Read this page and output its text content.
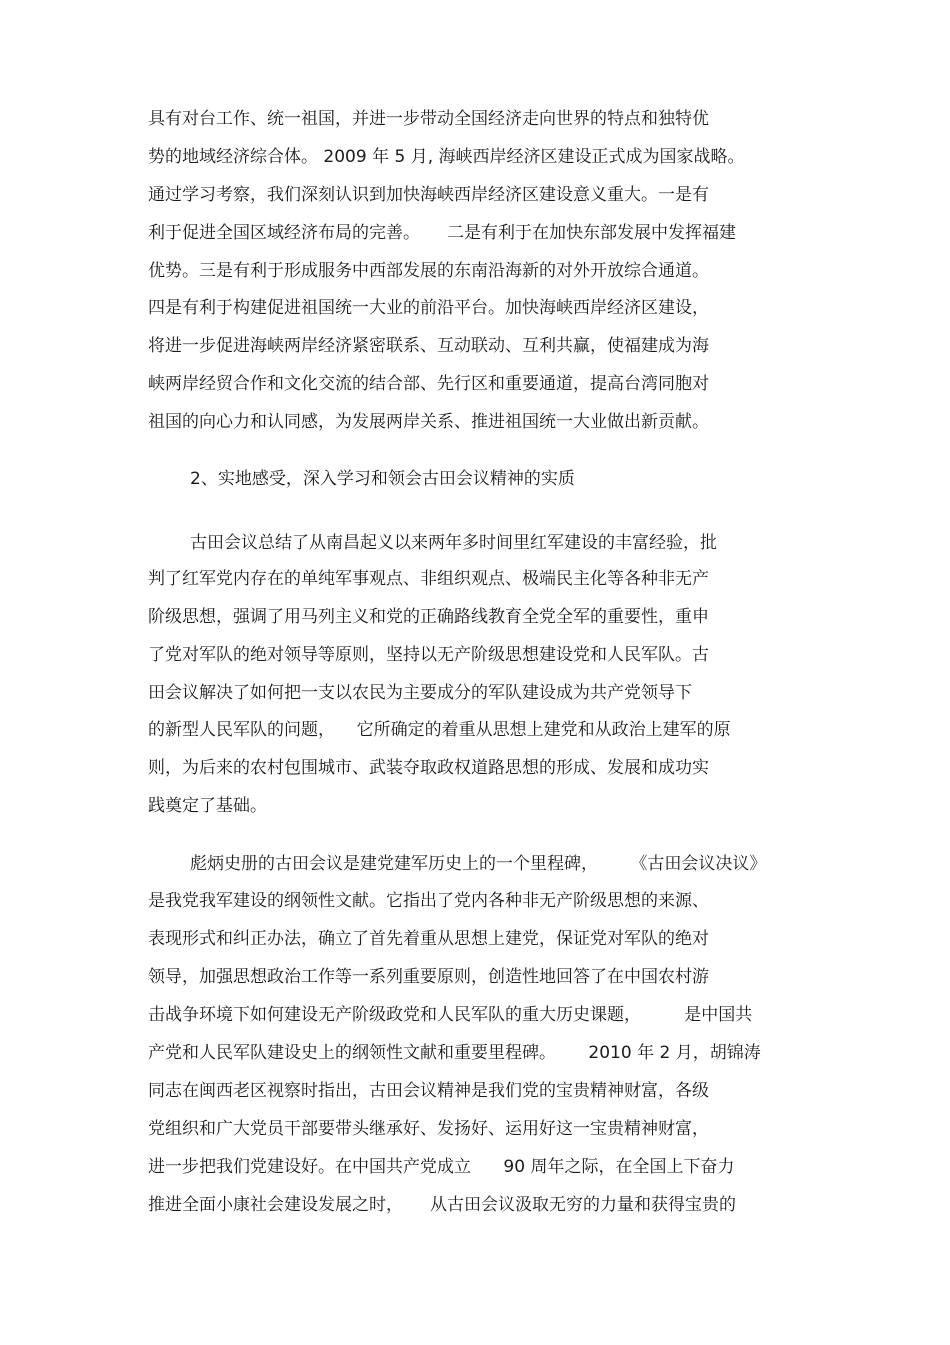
具有对台工作、统一祖国，并进一步带动全国经济走向世界的特点和独特优
势的地域经济综合体。 2009 年 5 月, 海峡西岸经济区建设正式成为国家战略。
通过学习考察，我们深刻认识到加快海峡西岸经济区建设意义重大。一是有
利于促进全国区域经济布局的完善。     二是有利于在加快东部发展中发挥福建
优势。三是有利于形成服务中西部发展的东南沿海新的对外开放综合通道。
四是有利于构建促进祖国统一大业的前沿平台。加快海峡西岸经济区建设，
将进一步促进海峡两岸经济紧密联系、互动联动、互利共赢，使福建成为海
峡两岸经贸合作和文化交流的结合部、先行区和重要通道，提高台湾同胞对
祖国的向心力和认同感，为发展两岸关系、推进祖国统一大业做出新贡献。
2、实地感受，深入学习和领会古田会议精神的实质
古田会议总结了从南昌起义以来两年多时间里红军建设的丰富经验，批
判了红军党内存在的单纯军事观点、非组织观点、极端民主化等各种非无产
阶级思想，强调了用马列主义和党的正确路线教育全党全军的重要性，重申
了党对军队的绝对领导等原则，坚持以无产阶级思想建设党和人民军队。古
田会议解决了如何把一支以农民为主要成分的军队建设成为共产党领导下
的新型人民军队的问题，    它所确定的着重从思想上建党和从政治上建军的原
则，为后来的农村包围城市、武装夺取政权道路思想的形成、发展和成功实
践奠定了基础。
彪炳史册的古田会议是建党建军历史上的一个里程碑，      《古田会议决议》
是我党我军建设的纲领性文献。它指出了党内各种非无产阶级思想的来源、
表现形式和纠正办法，确立了首先着重从思想上建党，保证党对军队的绝对
领导，加强思想政治工作等一系列重要原则，创造性地回答了在中国农村游
击战争环境下如何建设无产阶级政党和人民军队的重大历史课题，        是中国共
产党和人民军队建设史上的纲领性文献和重要里程碑。      2010 年 2 月，胡锦涛
同志在闽西老区视察时指出，古田会议精神是我们党的宝贵精神财富，各级
党组织和广大党员干部要带头继承好、发扬好、运用好这一宝贵精神财富，
进一步把我们党建设好。在中国共产党成立      90 周年之际，在全国上下奋力
推进全面小康社会建设发展之时，     从古田会议汲取无穷的力量和获得宝贵的
